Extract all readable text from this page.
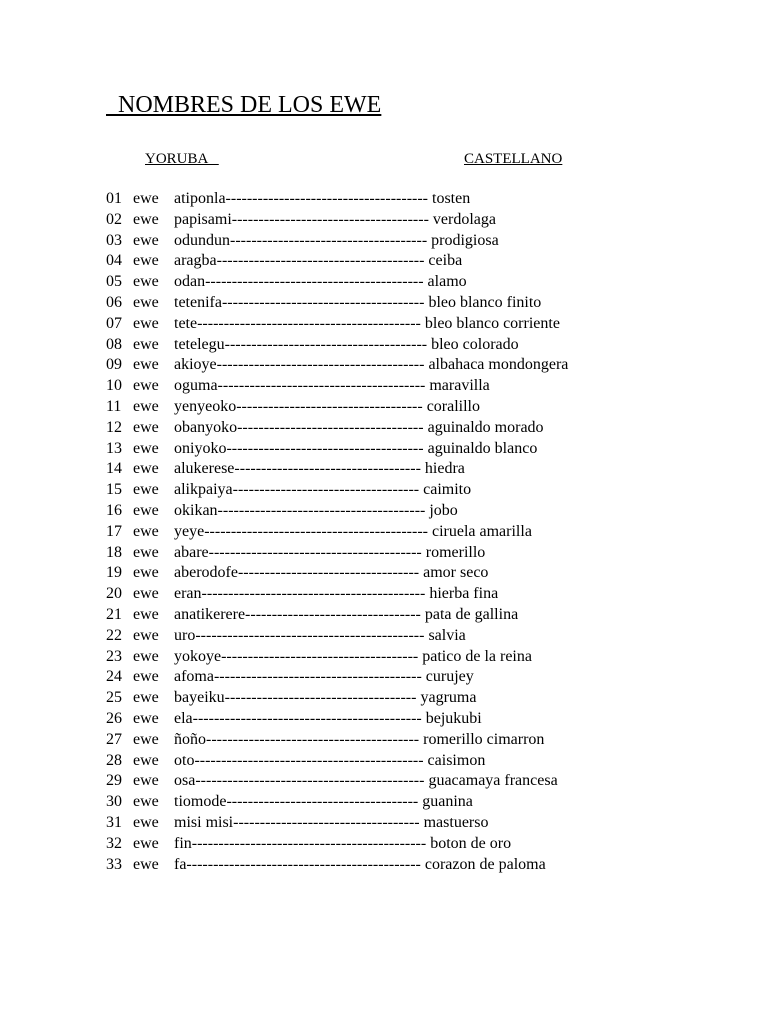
NOMBRES DE LOS EWE
YORUBA	CASTELLANO
01 ewe atiponla-------------------------------------- tosten
02 ewe papisami------------------------------------- verdolaga
03 ewe odundun------------------------------------- prodigiosa
04 ewe aragba--------------------------------------- ceiba
05 ewe odan----------------------------------------- alamo
06 ewe tetenifa-------------------------------------- bleo blanco finito
07 ewe tete------------------------------------------ bleo blanco corriente
08 ewe tetelegu-------------------------------------- bleo colorado
09 ewe akioye--------------------------------------- albahaca mondongera
10 ewe oguma--------------------------------------- maravilla
11 ewe yenyeoko----------------------------------- coralillo
12 ewe obanyoko----------------------------------- aguinaldo morado
13 ewe oniyoko------------------------------------- aguinaldo blanco
14 ewe alukerese----------------------------------- hiedra
15 ewe alikpaiya----------------------------------- caimito
16 ewe okikan--------------------------------------- jobo
17 ewe yeye------------------------------------------ ciruela amarilla
18 ewe abare---------------------------------------- romerillo
19 ewe aberodofe---------------------------------- amor seco
20 ewe eran------------------------------------------ hierba fina
21 ewe anatikerere--------------------------------- pata de gallina
22 ewe uro------------------------------------------- salvia
23 ewe yokoye------------------------------------- patico de la reina
24 ewe afoma--------------------------------------- curujey
25 ewe bayeiku------------------------------------ yagruma
26 ewe ela------------------------------------------- bejukubi
27 ewe ñoño---------------------------------------- romerillo cimarron
28 ewe oto------------------------------------------- caisimon
29 ewe osa------------------------------------------- guacamaya francesa
30 ewe tiomode------------------------------------ guanina
31 ewe misi misi----------------------------------- mastuerso
32 ewe fin-------------------------------------------- boton de oro
33 ewe fa-------------------------------------------- corazon de paloma
